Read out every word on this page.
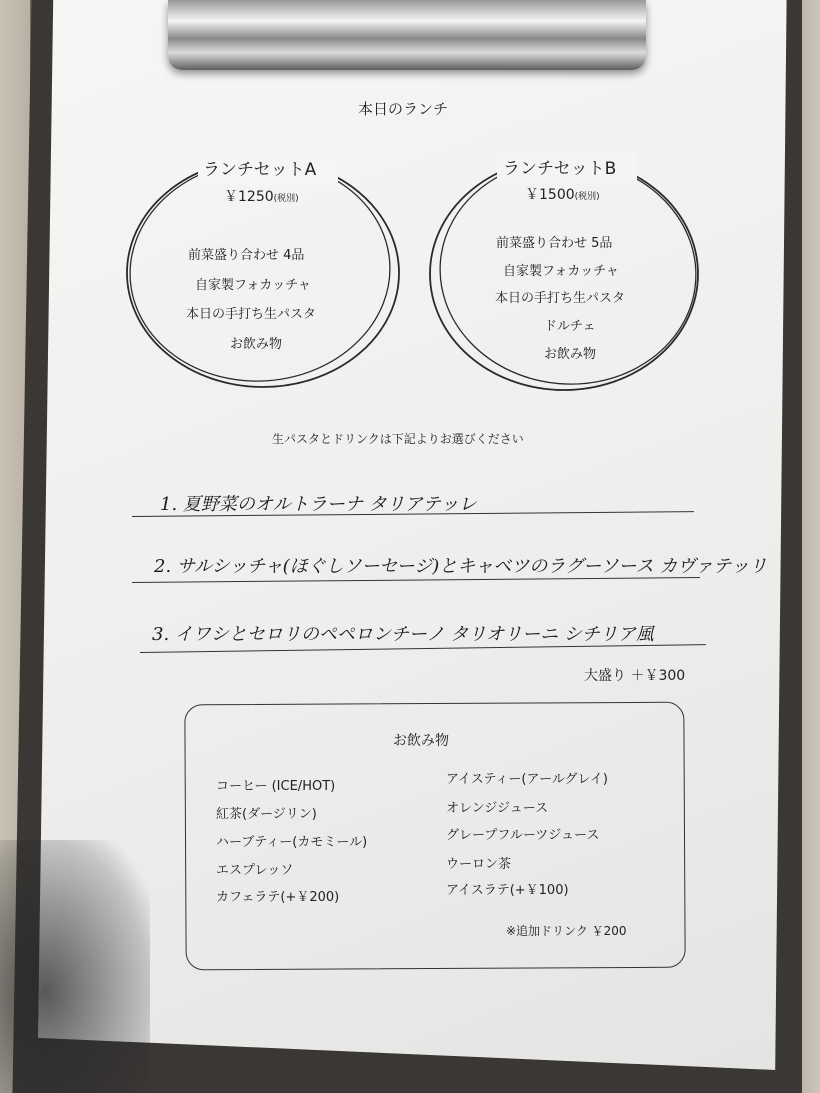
本日のランチ
ランチセットA
￥1250(税別)
前菜盛り合わせ 4品
自家製フォカッチャ
本日の手打ち生パスタ
お飲み物
ランチセットB
￥1500(税別)
前菜盛り合わせ 5品
自家製フォカッチャ
本日の手打ち生パスタ
ドルチェ
お飲み物
生パスタとドリンクは下記よりお選びください
1. 夏野菜のオルトラーナ タリアテッレ
2. サルシッチャ(ほぐしソーセージ)とキャベツのラグーソース カヴァテッリ
3. イワシとセロリのペペロンチーノ タリオリーニ シチリア風
大盛り ＋￥300
お飲み物
コーヒー (ICE/HOT)
紅茶(ダージリン)
ハーブティー(カモミール)
エスプレッソ
カフェラテ(+￥200)
アイスティー(アールグレイ)
オレンジジュース
グレープフルーツジュース
ウーロン茶
アイスラテ(+￥100)
※追加ドリンク ￥200
